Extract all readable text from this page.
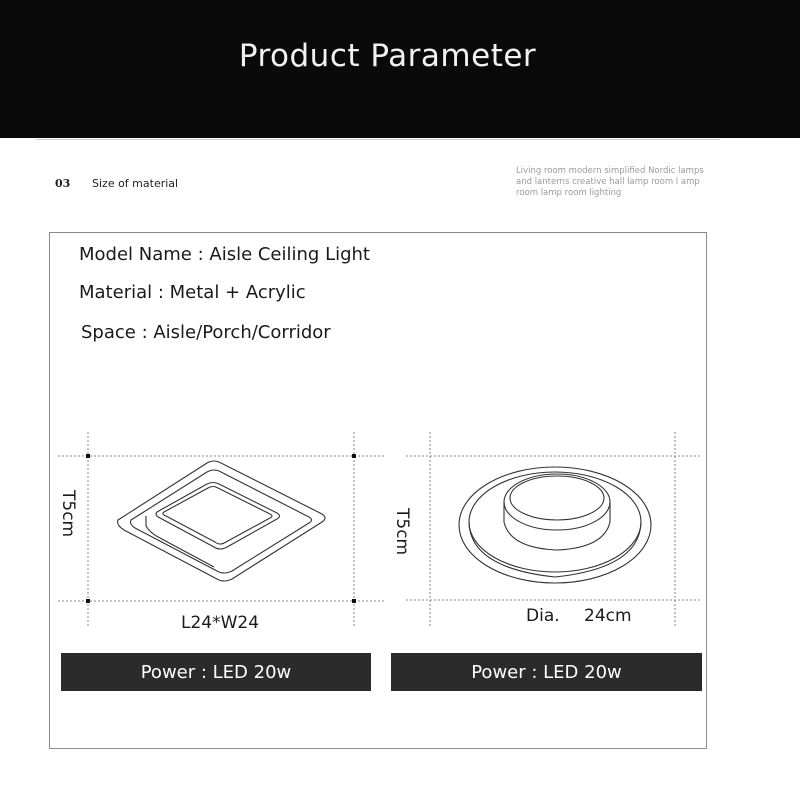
Product Parameter
03 Size of material
Living room modern simplified Nordic lamps and lanterns creative hall lamp room l amp room lamp room lighting
Model Name : Aisle Ceiling Light
Material : Metal + Acrylic
Space : Aisle/Porch/Corridor
T5cm
L24*W24
T5cm
Dia. 24cm
Power : LED 20w	Power : LED 20w
